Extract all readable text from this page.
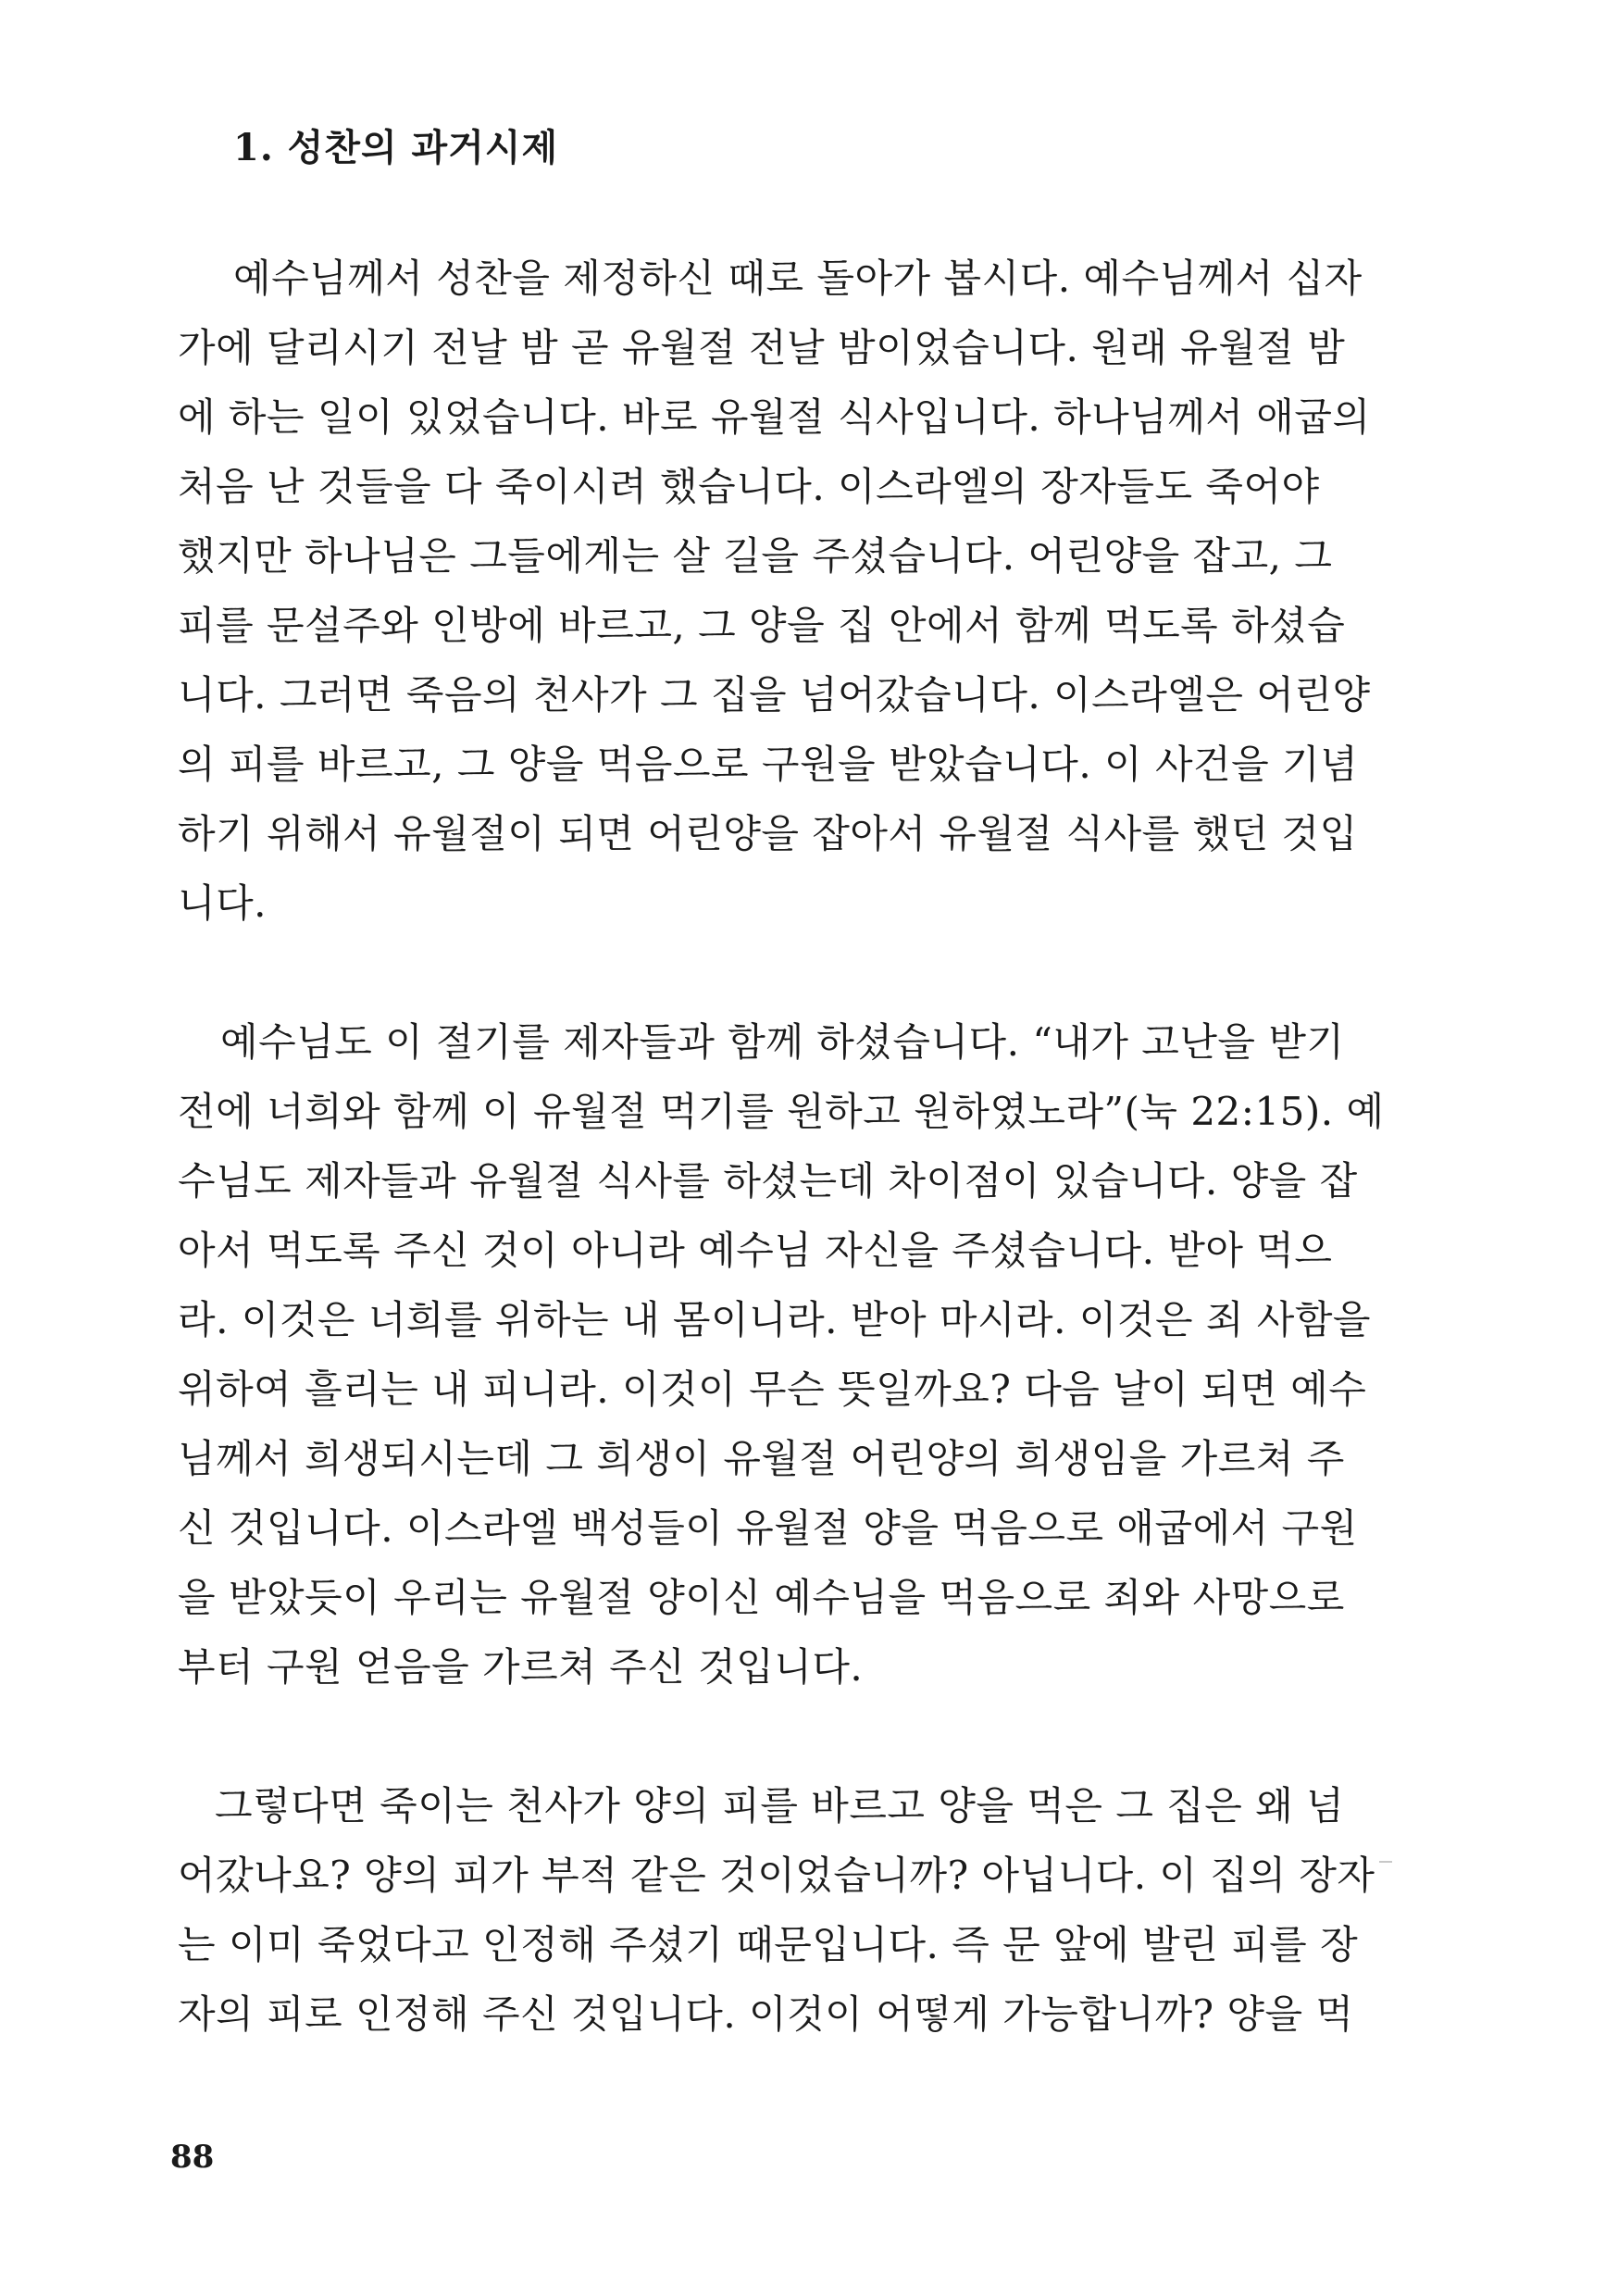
1. 성찬의 과거시제

예수님께서 성찬을 제정하신 때로 돌아가 봅시다. 예수님께서 십자

가에 달리시기 전날 밤 곧 유월절 전날 밤이었습니다. 원래 유월절 밤

에 하는 일이 있었습니다. 바로 유월절 식사입니다. 하나님께서 애굽의

처음 난 것들을 다 죽이시려 했습니다. 이스라엘의 장자들도 죽어야

했지만 하나님은 그들에게는 살 길을 주셨습니다. 어린양을 잡고, 그

피를 문설주와 인방에 바르고, 그 양을 집 안에서 함께 먹도록 하셨습

니다. 그러면 죽음의 천사가 그 집을 넘어갔습니다. 이스라엘은 어린양

의 피를 바르고, 그 양을 먹음으로 구원을 받았습니다. 이 사건을 기념

하기 위해서 유월절이 되면 어린양을 잡아서 유월절 식사를 했던 것입

니다.

예수님도 이 절기를 제자들과 함께 하셨습니다. “내가 고난을 받기

전에 너희와 함께 이 유월절 먹기를 원하고 원하였노라”(눅 22:15). 예

수님도 제자들과 유월절 식사를 하셨는데 차이점이 있습니다. 양을 잡

아서 먹도록 주신 것이 아니라 예수님 자신을 주셨습니다. 받아 먹으

라. 이것은 너희를 위하는 내 몸이니라. 받아 마시라. 이것은 죄 사함을

위하여 흘리는 내 피니라. 이것이 무슨 뜻일까요? 다음 날이 되면 예수

님께서 희생되시는데 그 희생이 유월절 어린양의 희생임을 가르쳐 주

신 것입니다. 이스라엘 백성들이 유월절 양을 먹음으로 애굽에서 구원

을 받았듯이 우리는 유월절 양이신 예수님을 먹음으로 죄와 사망으로

부터 구원 얻음을 가르쳐 주신 것입니다.

그렇다면 죽이는 천사가 양의 피를 바르고 양을 먹은 그 집은 왜 넘

어갔나요? 양의 피가 부적 같은 것이었습니까? 아닙니다. 이 집의 장자

는 이미 죽었다고 인정해 주셨기 때문입니다. 즉 문 앞에 발린 피를 장

자의 피로 인정해 주신 것입니다. 이것이 어떻게 가능합니까? 양을 먹

88
